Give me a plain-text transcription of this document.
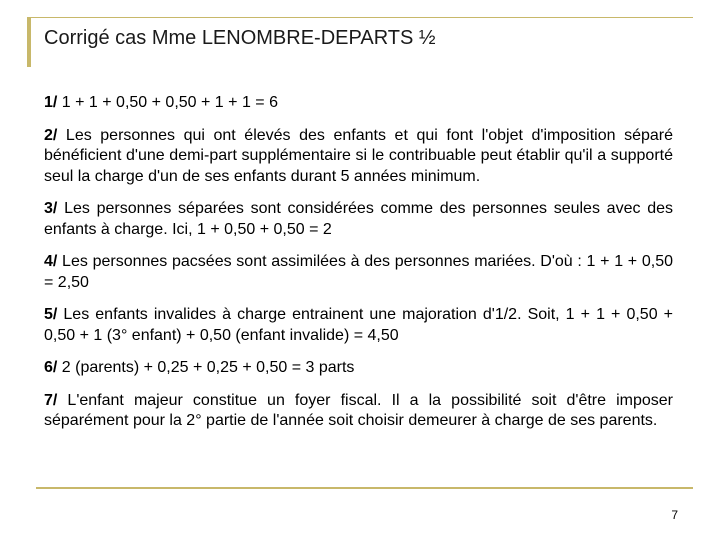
Corrigé cas Mme LENOMBRE-DEPARTS ½

1/ 1 + 1 + 0,50 + 0,50 + 1 + 1 = 6

2/ Les personnes qui ont élevés des enfants et qui font l'objet d'imposition séparé bénéficient d'une demi-part supplémentaire si le contribuable peut établir qu'il a supporté seul la charge d'un de ses enfants durant 5 années minimum.

3/ Les personnes séparées sont considérées comme des personnes seules avec des enfants à charge. Ici, 1 + 0,50 + 0,50 = 2

4/ Les personnes pacsées sont assimilées à des personnes mariées. D'où : 1 + 1 + 0,50 = 2,50

5/ Les enfants invalides à charge entrainent une majoration d'1/2. Soit, 1 + 1 + 0,50 + 0,50 + 1 (3° enfant) + 0,50 (enfant invalide) = 4,50

6/ 2 (parents) + 0,25 + 0,25 + 0,50 = 3 parts

7/ L'enfant majeur constitue un foyer fiscal. Il a la possibilité soit d'être imposer séparément pour la 2° partie de l'année soit choisir demeurer à charge de ses parents.

7
